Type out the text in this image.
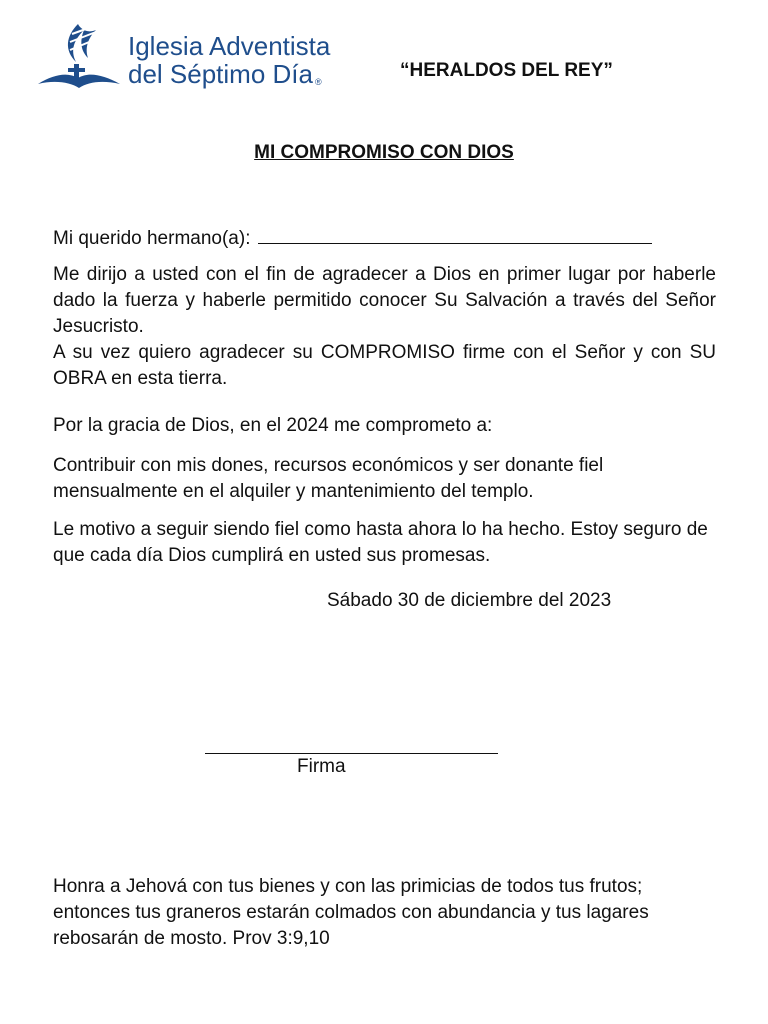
Iglesia Adventista
del Séptimo Día ®
“HERALDOS DEL REY”
MI COMPROMISO CON DIOS
Mi querido hermano(a):
Me dirijo a usted con el fin de agradecer a Dios en primer lugar por haberle dado la fuerza y haberle permitido conocer Su Salvación a través del Señor Jesucristo.
A su vez quiero agradecer su COMPROMISO firme con el Señor y con SU OBRA en esta tierra.
Por la gracia de Dios, en el 2024 me comprometo a:
Contribuir con mis dones, recursos económicos y ser donante fiel mensualmente en el alquiler y mantenimiento del templo.
Le motivo a seguir siendo fiel como hasta ahora lo ha hecho. Estoy seguro de que cada día Dios cumplirá en usted sus promesas.
Sábado 30 de diciembre del 2023
Firma
Honra a Jehová con tus bienes y con las primicias de todos tus frutos; entonces tus graneros estarán colmados con abundancia y tus lagares rebosarán de mosto. Prov 3:9,10
